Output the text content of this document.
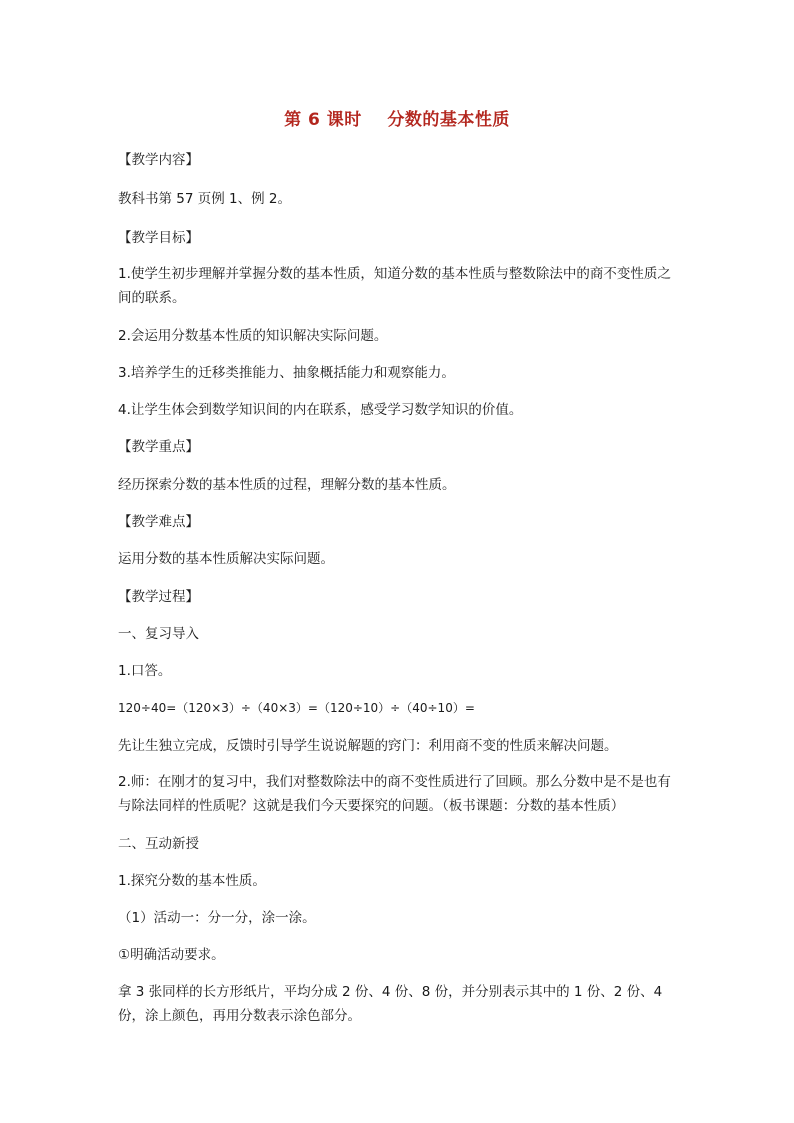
第 6 课时    分数的基本性质
【教学内容】
教科书第 57 页例 1、例 2。
【教学目标】
1.使学生初步理解并掌握分数的基本性质，知道分数的基本性质与整数除法中的商不变性质之间的联系。
2.会运用分数基本性质的知识解决实际问题。
3.培养学生的迁移类推能力、抽象概括能力和观察能力。
4.让学生体会到数学知识间的内在联系，感受学习数学知识的价值。
【教学重点】
经历探索分数的基本性质的过程，理解分数的基本性质。
【教学难点】
运用分数的基本性质解决实际问题。
【教学过程】
一、复习导入
1.口答。
120÷40=（120×3）÷（40×3）=（120÷10）÷（40÷10）=
先让生独立完成，反馈时引导学生说说解题的窍门：利用商不变的性质来解决问题。
2.师：在刚才的复习中，我们对整数除法中的商不变性质进行了回顾。那么分数中是不是也有与除法同样的性质呢？这就是我们今天要探究的问题。（板书课题：分数的基本性质）
二、互动新授
1.探究分数的基本性质。
（1）活动一：分一分，涂一涂。
①明确活动要求。
拿 3 张同样的长方形纸片，平均分成 2 份、4 份、8 份，并分别表示其中的 1 份、2 份、4 份，涂上颜色，再用分数表示涂色部分。
